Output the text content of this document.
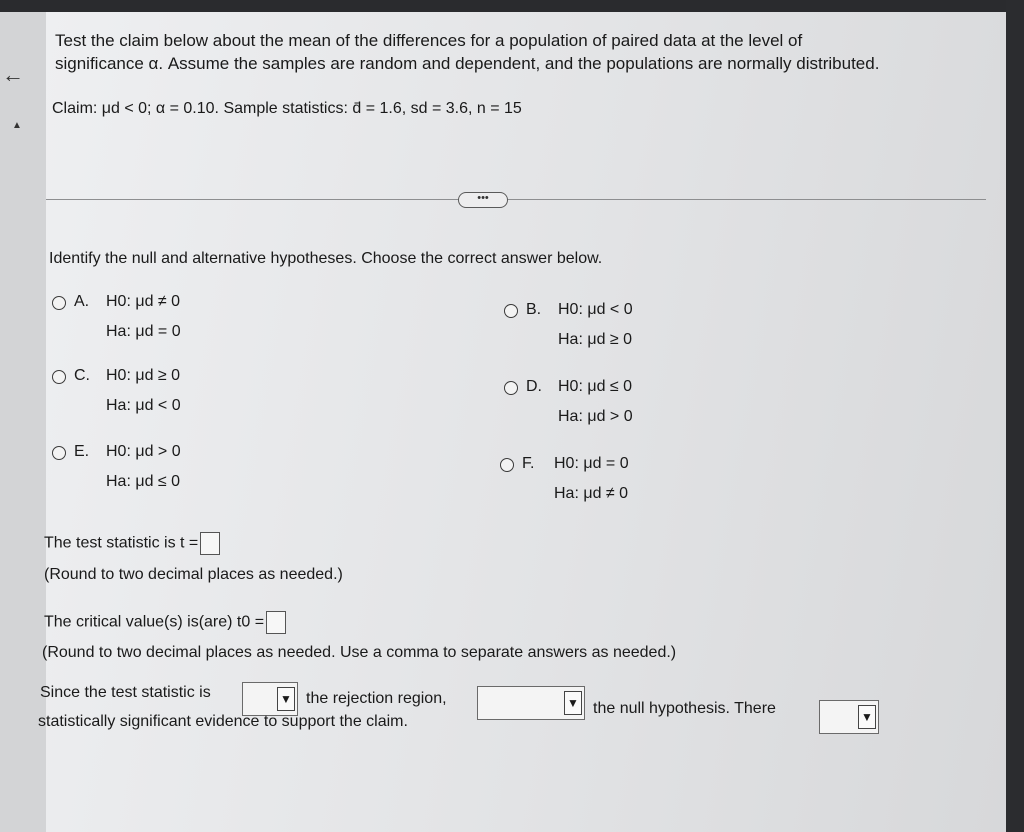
←
▲
Test the claim below about the mean of the differences for a population of paired data at the level of
significance α. Assume the samples are random and dependent, and the populations are normally distributed.
Claim: μd < 0; α = 0.10. Sample statistics: d̄ = 1.6, sd = 3.6, n = 15
•••
Identify the null and alternative hypotheses. Choose the correct answer below.
A. H0: μd ≠ 0
Ha: μd = 0
B. H0: μd < 0
Ha: μd ≥ 0
C. H0: μd ≥ 0
Ha: μd < 0
D. H0: μd ≤ 0
Ha: μd > 0
E. H0: μd > 0
Ha: μd ≤ 0
F. H0: μd = 0
Ha: μd ≠ 0
The test statistic is t =
(Round to two decimal places as needed.)
The critical value(s) is(are) t0 =
(Round to two decimal places as needed. Use a comma to separate answers as needed.)
Since the test statistic is	▼ the rejection region,	▼ the null hypothesis. There	▼
statistically significant evidence to support the claim.
